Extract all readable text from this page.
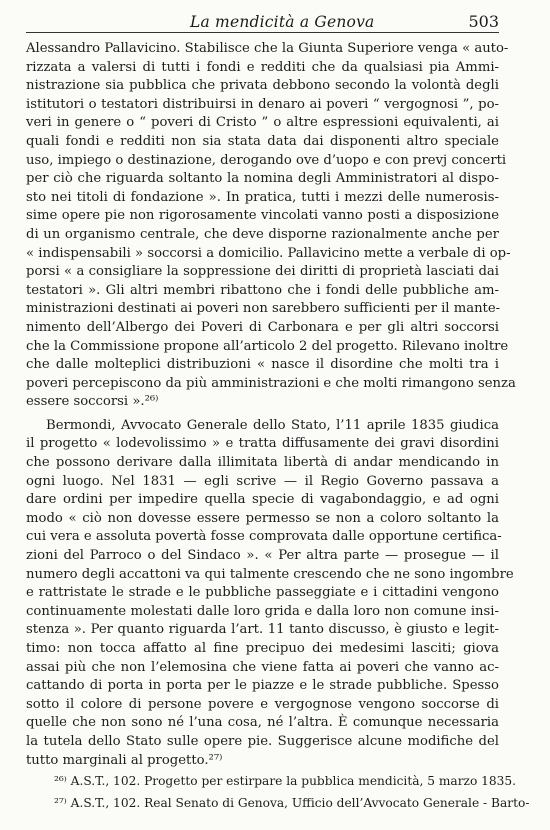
La mendicità a Genova	503
Alessandro Pallavicino. Stabilisce che la Giunta Superiore venga « auto-
rizzata a valersi di tutti i fondi e redditi che da qualsiasi pia Ammi-
nistrazione sia pubblica che privata debbono secondo la volontà degli
istitutori o testatori distribuirsi in denaro ai poveri “ vergognosi ”, po-
veri in genere o “ poveri di Cristo ” o altre espressioni equivalenti, ai
quali fondi e redditi non sia stata data dai disponenti altro speciale
uso, impiego o destinazione, derogando ove d’uopo e con prevj concerti
per ciò che riguarda soltanto la nomina degli Amministratori al dispo-
sto nei titoli di fondazione ». In pratica, tutti i mezzi delle numerosis-
sime opere pie non rigorosamente vincolati vanno posti a disposizione
di un organismo centrale, che deve disporne razionalmente anche per
« indispensabili » soccorsi a domicilio. Pallavicino mette a verbale di op-
porsi « a consigliare la soppressione dei diritti di proprietà lasciati dai
testatori ». Gli altri membri ribattono che i fondi delle pubbliche am-
ministrazioni destinati ai poveri non sarebbero sufficienti per il mante-
nimento dell’Albergo dei Poveri di Carbonara e per gli altri soccorsi
che la Commissione propone all’articolo 2 del progetto. Rilevano inoltre
che dalle molteplici distribuzioni « nasce il disordine che molti tra i
poveri percepiscono da più amministrazioni e che molti rimangono senza
essere soccorsi ».²⁶⁾
Bermondi, Avvocato Generale dello Stato, l’11 aprile 1835 giudica
il progetto « lodevolissimo » e tratta diffusamente dei gravi disordini
che possono derivare dalla illimitata libertà di andar mendicando in
ogni luogo. Nel 1831 — egli scrive — il Regio Governo passava a
dare ordini per impedire quella specie di vagabondaggio, e ad ogni
modo « ciò non dovesse essere permesso se non a coloro soltanto la
cui vera e assoluta povertà fosse comprovata dalle opportune certifica-
zioni del Parroco o del Sindaco ». « Per altra parte — prosegue — il
numero degli accattoni va qui talmente crescendo che ne sono ingombre
e rattristate le strade e le pubbliche passeggiate e i cittadini vengono
continuamente molestati dalle loro grida e dalla loro non comune insi-
stenza ». Per quanto riguarda l’art. 11 tanto discusso, è giusto e legit-
timo: non tocca affatto al fine precipuo dei medesimi lasciti; giova
assai più che non l’elemosina che viene fatta ai poveri che vanno ac-
cattando di porta in porta per le piazze e le strade pubbliche. Spesso
sotto il colore di persone povere e vergognose vengono soccorse di
quelle che non sono né l’una cosa, né l’altra. È comunque necessaria
la tutela dello Stato sulle opere pie. Suggerisce alcune modifiche del
tutto marginali al progetto.²⁷⁾
²⁶⁾ A.S.T., 102. Progetto per estirpare la pubblica mendicità, 5 marzo 1835.
²⁷⁾ A.S.T., 102. Real Senato di Genova, Ufficio dell’Avvocato Generale - Barto-
